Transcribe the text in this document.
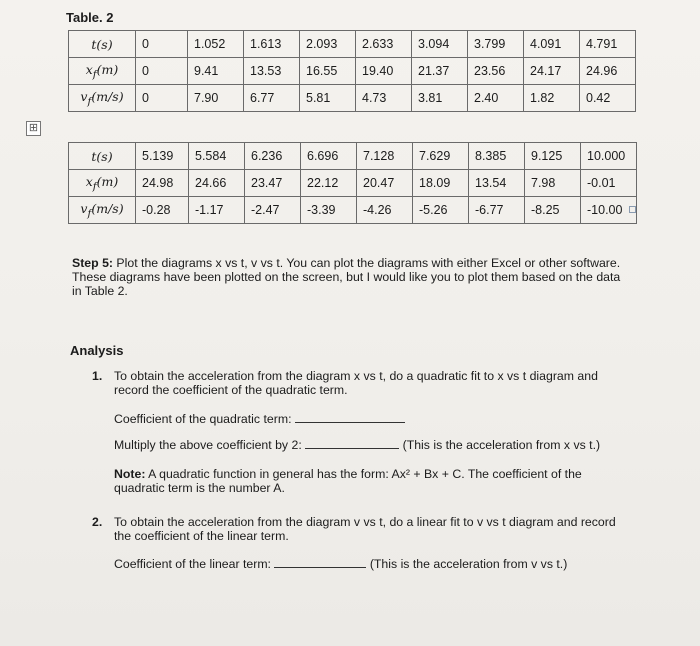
Table. 2
t(s)	0	1.052	1.613	2.093	2.633	3.094	3.799	4.091	4.791
$x_f(m)$	0	9.41	13.53	16.55	19.40	21.37	23.56	24.17	24.96
$v_f(m/s)$	0	7.90	6.77	5.81	4.73	3.81	2.40	1.82	0.42
⊞
t(s)	5.139	5.584	6.236	6.696	7.128	7.629	8.385	9.125	10.000
$x_f(m)$	24.98	24.66	23.47	22.12	20.47	18.09	13.54	7.98	-0.01
$v_f(m/s)$	-0.28	-1.17	-2.47	-3.39	-4.26	-5.26	-6.77	-8.25	-10.00
Step 5: Plot the diagrams x vs t, v vs t. You can plot the diagrams with either Excel or other software. These diagrams have been plotted on the screen, but I would like you to plot them based on the data in Table 2.
Analysis
1. To obtain the acceleration from the diagram x vs t, do a quadratic fit to x vs t diagram and record the coefficient of the quadratic term.
Coefficient of the quadratic term:
Multiply the above coefficient by 2:	(This is the acceleration from x vs t.)
Note: A quadratic function in general has the form: Ax² + Bx + C. The coefficient of the quadratic term is the number A.
2. To obtain the acceleration from the diagram v vs t, do a linear fit to v vs t diagram and record the coefficient of the linear term.
Coefficient of the linear term:	(This is the acceleration from v vs t.)
